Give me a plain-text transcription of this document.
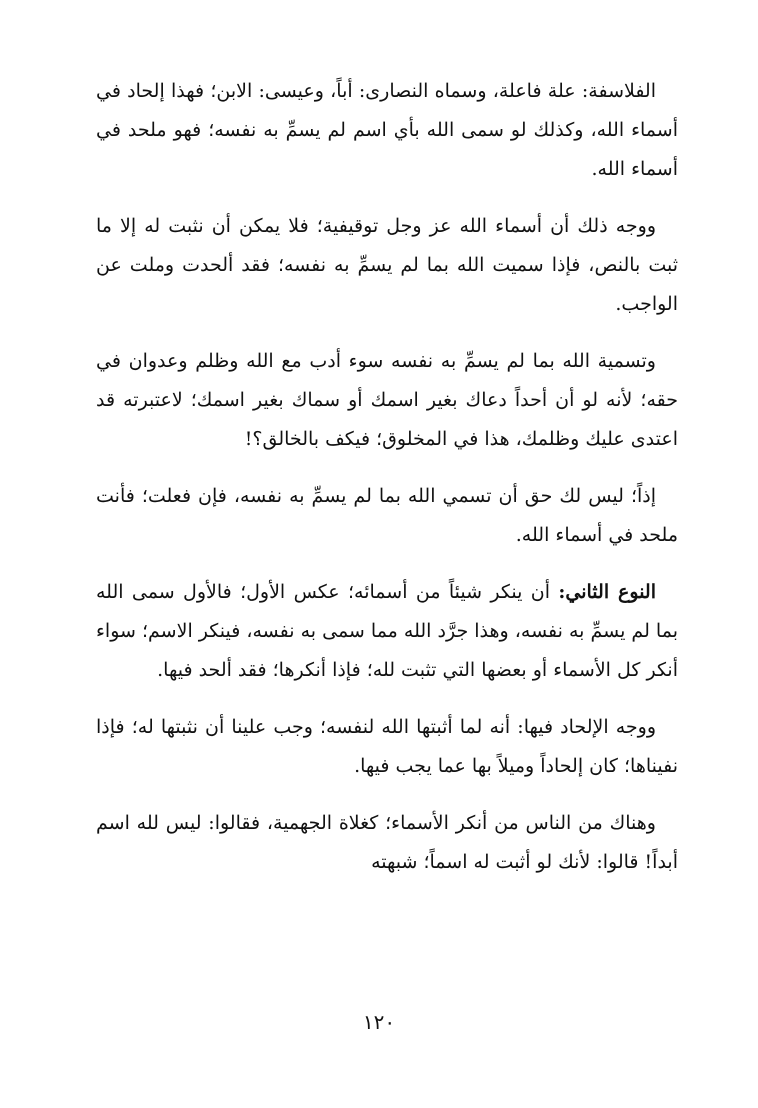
الفلاسفة: علة فاعلة، وسماه النصارى: أباً، وعيسى: الابن؛ فهذا إلحاد في أسماء الله، وكذلك لو سمى الله بأي اسم لم يسمِّ به نفسه؛ فهو ملحد في أسماء الله.

ووجه ذلك أن أسماء الله عز وجل توقيفية؛ فلا يمكن أن نثبت له إلا ما ثبت بالنص، فإذا سميت الله بما لم يسمِّ به نفسه؛ فقد ألحدت وملت عن الواجب.

وتسمية الله بما لم يسمِّ به نفسه سوء أدب مع الله وظلم وعدوان في حقه؛ لأنه لو أن أحداً دعاك بغير اسمك أو سماك بغير اسمك؛ لاعتبرته قد اعتدى عليك وظلمك، هذا في المخلوق؛ فيكف بالخالق؟!

إذاً؛ ليس لك حق أن تسمي الله بما لم يسمِّ به نفسه، فإن فعلت؛ فأنت ملحد في أسماء الله.

النوع الثاني: أن ينكر شيئاً من أسمائه؛ عكس الأول؛ فالأول سمى الله بما لم يسمِّ به نفسه، وهذا جرَّد الله مما سمى به نفسه، فينكر الاسم؛ سواء أنكر كل الأسماء أو بعضها التي تثبت لله؛ فإذا أنكرها؛ فقد ألحد فيها.

ووجه الإلحاد فيها: أنه لما أثبتها الله لنفسه؛ وجب علينا أن نثبتها له؛ فإذا نفيناها؛ كان إلحاداً وميلاً بها عما يجب فيها.

وهناك من الناس من أنكر الأسماء؛ كغلاة الجهمية، فقالوا: ليس لله اسم أبداً! قالوا: لأنك لو أثبت له اسماً؛ شبهته

١٢٠
